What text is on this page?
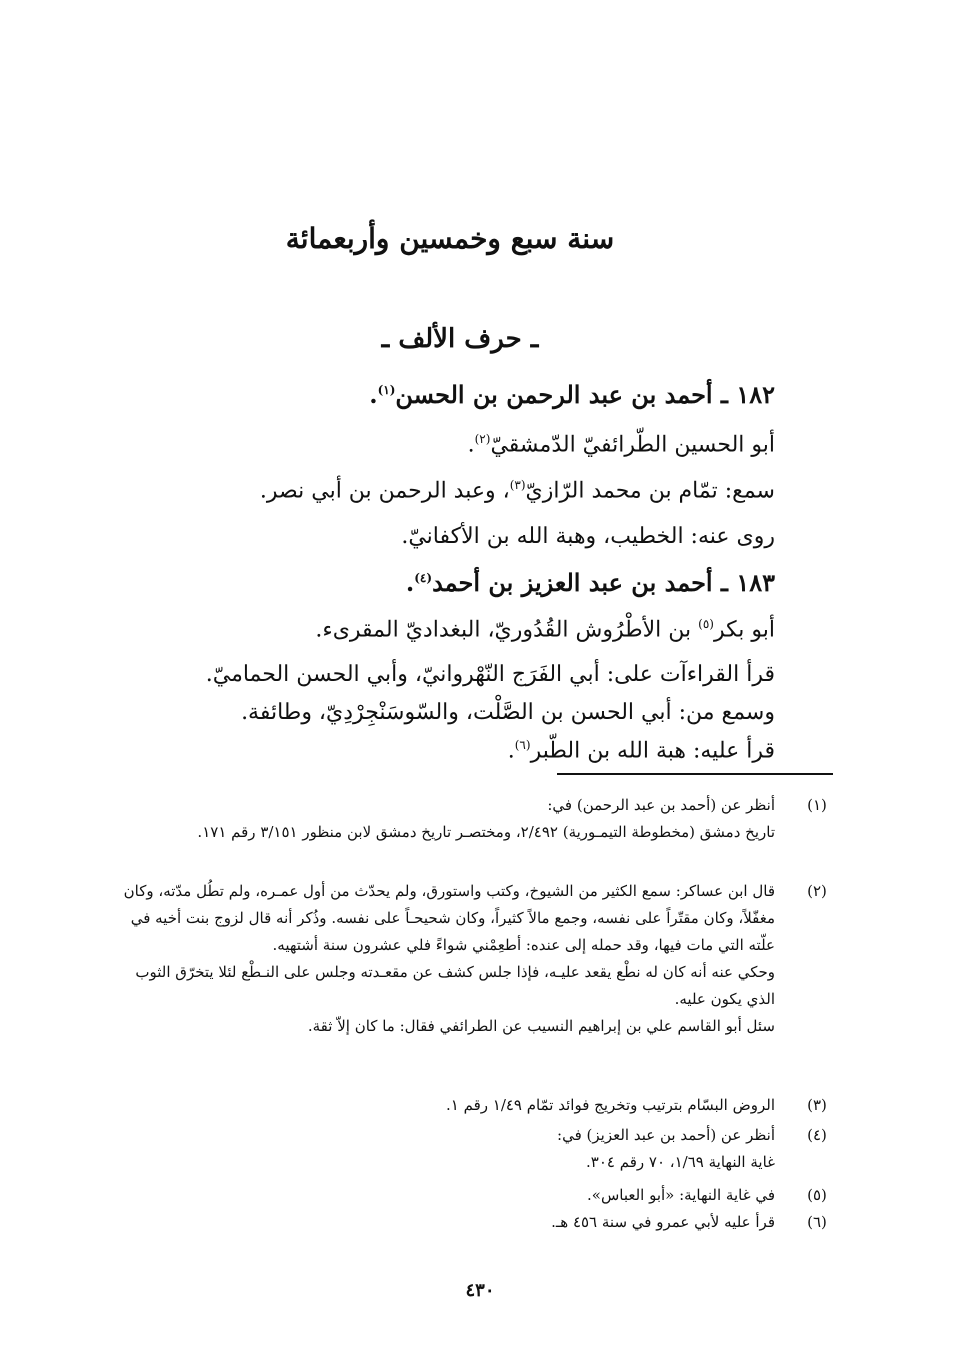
سنة سبع وخمسين وأربعمائة
ـ حرف الألف ـ
١٨٢ ـ أحمد بن عبد الرحمن بن الحسن$^{(١)}$.
أبو الحسين الطّرائفيّ الدّمشقيّ$^{(٢)}$.
سمع: تمّام بن محمد الرّازيّ$^{(٣)}$، وعبد الرحمن بن أبي نصر.
روى عنه: الخطيب، وهبة الله بن الأكفانيّ.
١٨٣ ـ أحمد بن عبد العزيز بن أحمد$^{(٤)}$.
أبو بكر$^{(٥)}$ بن الأطْرُوش القُدُوريّ، البغداديّ المقرىء.
قرأ القراءآت على: أبي الفَرَج النّهْروانيّ، وأبي الحسن الحماميّ.
وسمع من: أبي الحسن بن الصَّلْت، والسّوسَنْجِرْدِيّ، وطائفة.
قرأ عليه: هبة الله بن الطّبر$^{(٦)}$.
(١)

أنظر عن (أحمد بن عبد الرحمن) في:

تاريخ دمشق (مخطوطة التيمـورية) ٢/٤٩٢، ومختصـر تاريخ دمشق لابن منظور ٣/١٥١ رقم ١٧١.

(٢)

قال ابن عساكر: سمع الكثير من الشيوخ، وكتب واستورق، ولم يحدّث من أول عمـره، ولم تطُل مدّته، وكان مغفّلاً، وكان مقتّراً على نفسه، وجمع مالاً كثيراً، وكان شحيحـاً على نفسه. وذُكر أنه قال لزوج بنت أخيه في علّته التي مات فيها، وقد حمله إلى عنده: أطعِمْني شواءً فلي عشرون سنة أشتهيه.

وحكي عنه أنه كان له نطْع يقعد عليـه، فإذا جلس كشف عن مقعـدته وجلس على النـطْع لئلا يتخرّق الثوب الذي يكون عليه.

سئل أبو القاسم علي بن إبراهيم النسيب عن الطرائفي فقال: ما كان إلاّ ثقة.

(٣)

الروض البسّام بترتيب وتخريج فوائد تمّام ١/٤٩ رقم ١.

(٤)

أنظر عن (أحمد بن عبد العزيز) في:

غاية النهاية ١/٦٩، ٧٠ رقم ٣٠٤.

(٥)

في غاية النهاية: «أبو العباس».

(٦)

قرأ عليه لأبي عمرو في سنة ٤٥٦ هـ.

٤٣٠
